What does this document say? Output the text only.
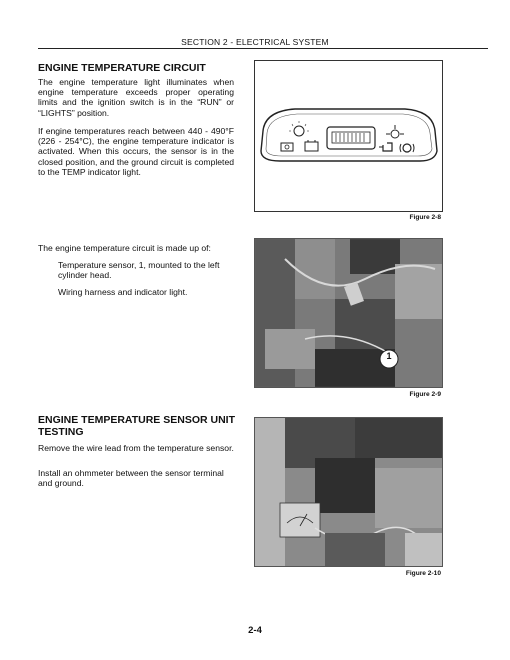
SECTION 2 - ELECTRICAL SYSTEM
ENGINE TEMPERATURE CIRCUIT
The engine temperature light illuminates when engine temperature exceeds proper operating limits and the ignition switch is in the “RUN” or “LIGHTS” position.
If engine temperatures reach between 440 - 490°F (226 - 254°C), the engine temperature indicator is activated. When this occurs, the sensor is in the closed position, and the ground circuit is completed to the TEMP indicator light.
Figure 2-8
The engine temperature circuit is made up of:
Temperature sensor, 1, mounted to the left cylinder head.
Wiring harness and indicator light.
1
Figure 2-9
ENGINE TEMPERATURE SENSOR UNIT
TESTING
Remove the wire lead from the temperature sensor.
Install an ohmmeter between the sensor terminal and ground.
Figure 2-10
2-4
